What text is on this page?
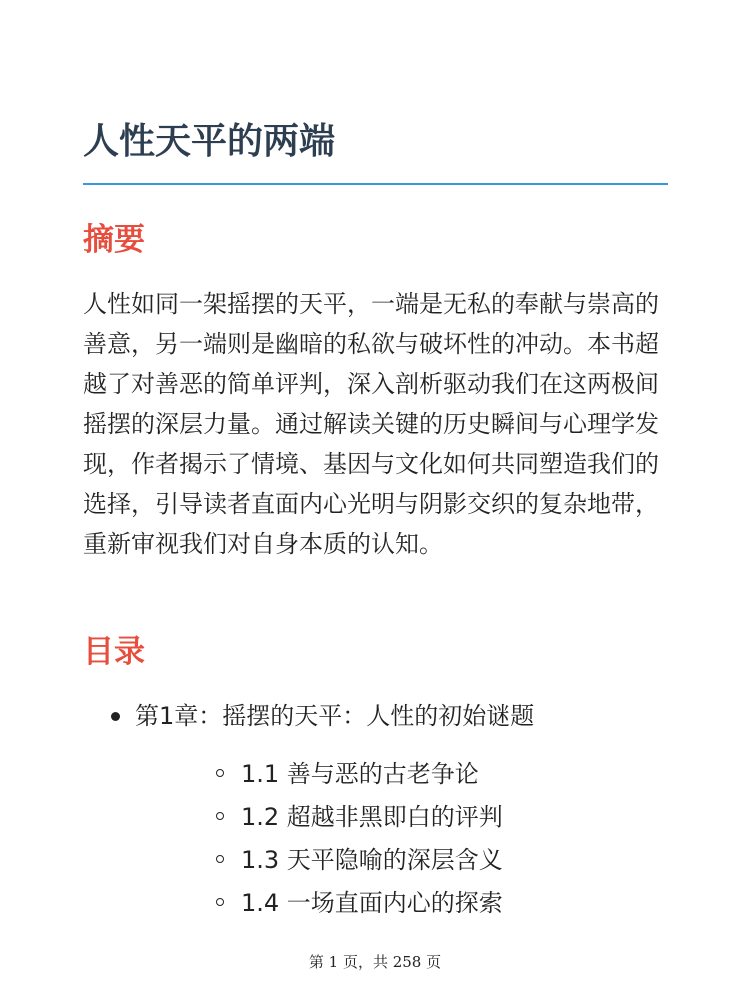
人性天平的两端
摘要

人性如同一架摇摆的天平，一端是无私的奉献与崇高的善意，另一端则是幽暗的私欲与破坏性的冲动。本书超越了对善恶的简单评判，深入剖析驱动我们在这两极间摇摆的深层力量。通过解读关键的历史瞬间与心理学发现，作者揭示了情境、基因与文化如何共同塑造我们的选择，引导读者直面内心光明与阴影交织的复杂地带，重新审视我们对自身本质的认知。

目录
第1章：摇摆的天平：人性的初始谜题
1.1 善与恶的古老争论
1.2 超越非黑即白的评判
1.3 天平隐喻的深层含义
1.4 一场直面内心的探索
第 1 页，共 258 页
